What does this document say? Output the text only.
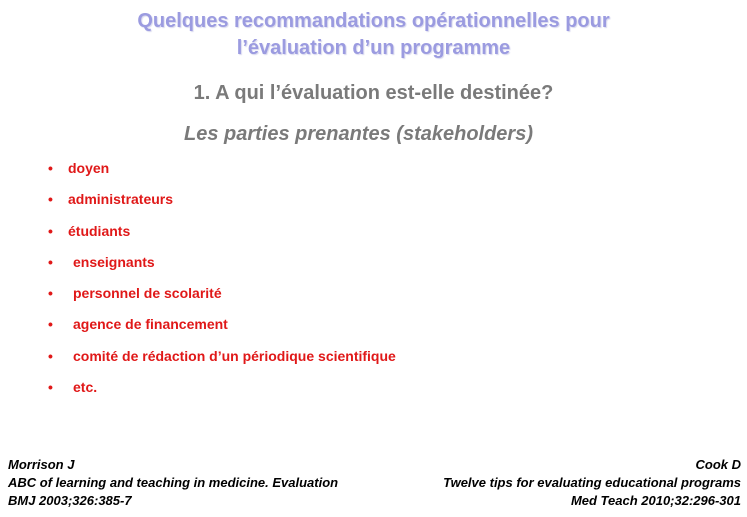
Quelques recommandations opérationnelles pour
l’évaluation d’un programme
1. A qui l’évaluation est-elle destinée?
Les parties prenantes (stakeholders)
• doyen
• administrateurs
• étudiants
• enseignants
• personnel de scolarité
• agence de financement
• comité de rédaction d’un périodique scientifique
• etc.
Morrison J
ABC of learning and teaching in medicine. Evaluation
BMJ 2003;326:385-7
Cook D
Twelve tips for evaluating educational programs
Med Teach 2010;32:296-301
